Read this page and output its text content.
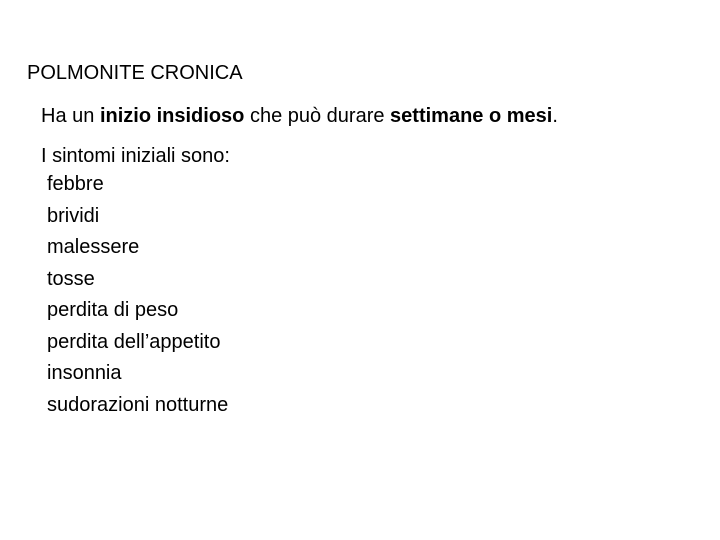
POLMONITE CRONICA
Ha un inizio insidioso che può durare settimane o mesi.
I sintomi iniziali sono:
febbre
brividi
malessere
tosse
perdita di peso
perdita dell’appetito
insonnia
sudorazioni notturne
